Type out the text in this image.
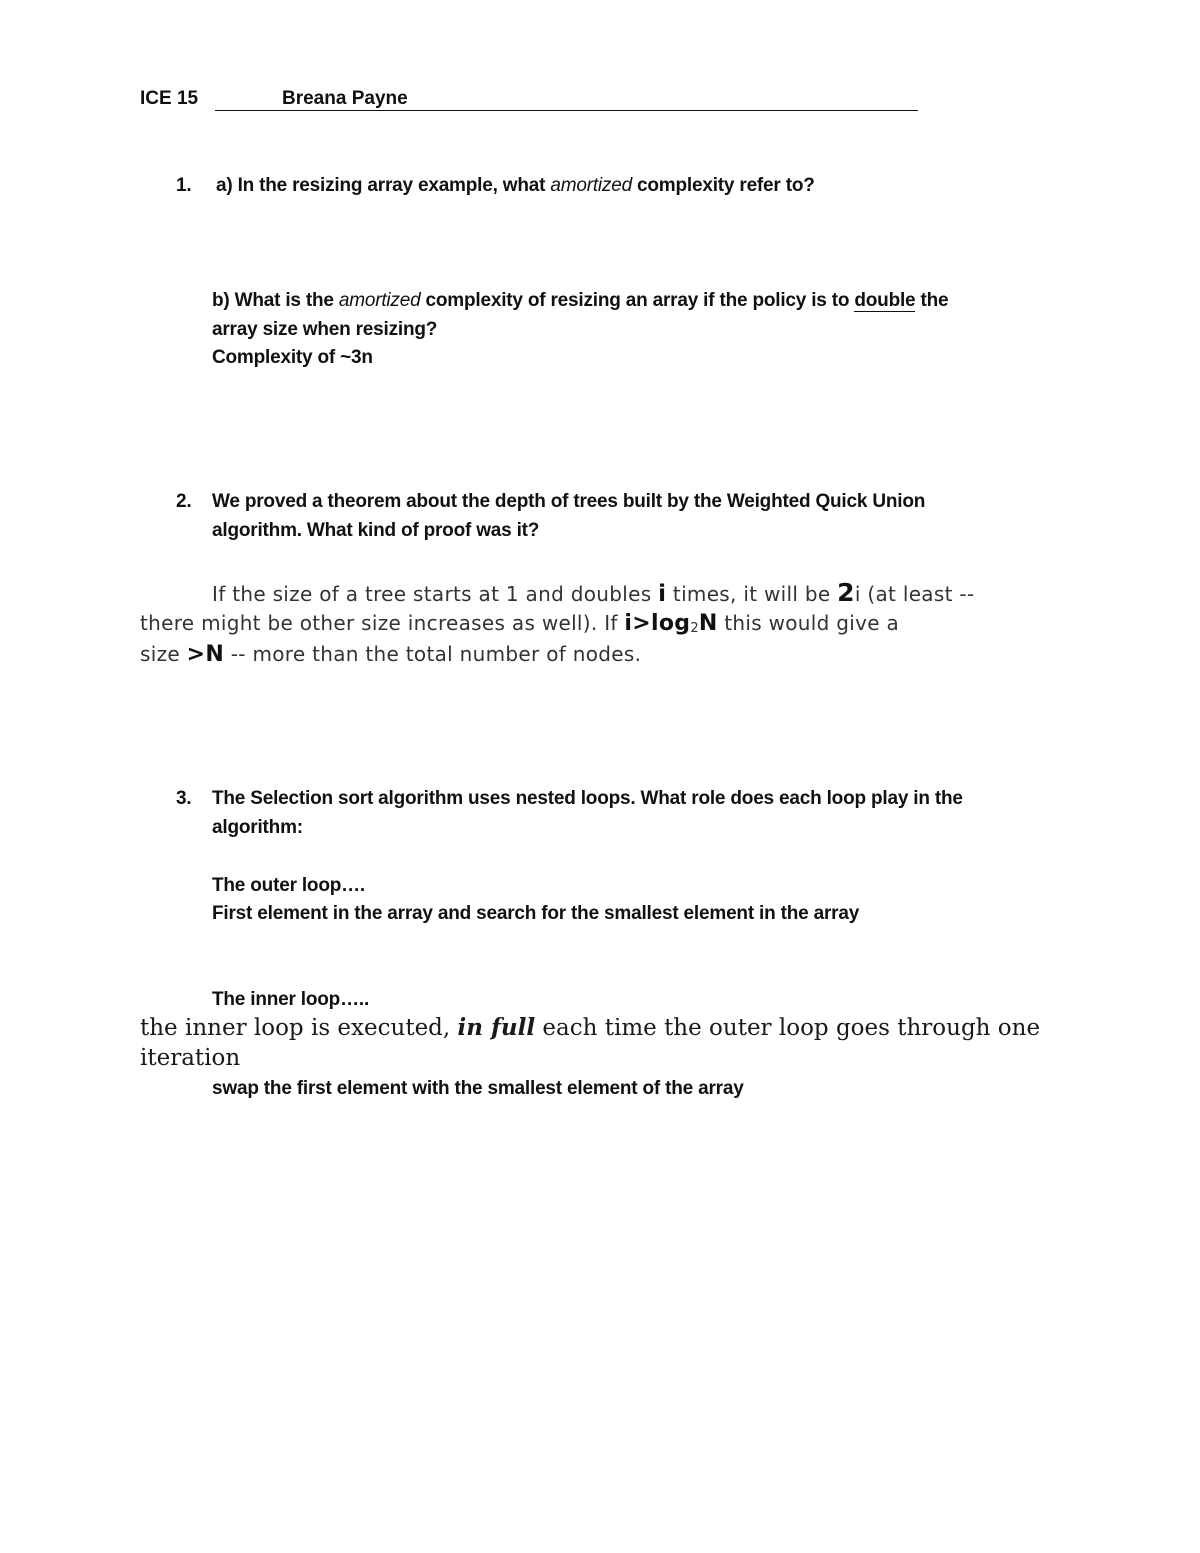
ICE 15	Breana Payne
1. a) In the resizing array example, what amortized complexity refer to?
b) What is the amortized complexity of resizing an array if the policy is to double the
array size when resizing?
Complexity of ~3n
2. We proved a theorem about the depth of trees built by the Weighted Quick Union
algorithm. What kind of proof was it?
If the size of a tree starts at 1 and doubles i times, it will be 2i (at least --
there might be other size increases as well). If $i>\log_2N$ this would give a
size >N -- more than the total number of nodes.
3. The Selection sort algorithm uses nested loops. What role does each loop play in the
algorithm:
The outer loop….
First element in the array and search for the smallest element in the array
The inner loop…..
the inner loop is executed, in full each time the outer loop goes through one
iteration
swap the first element with the smallest element of the array
